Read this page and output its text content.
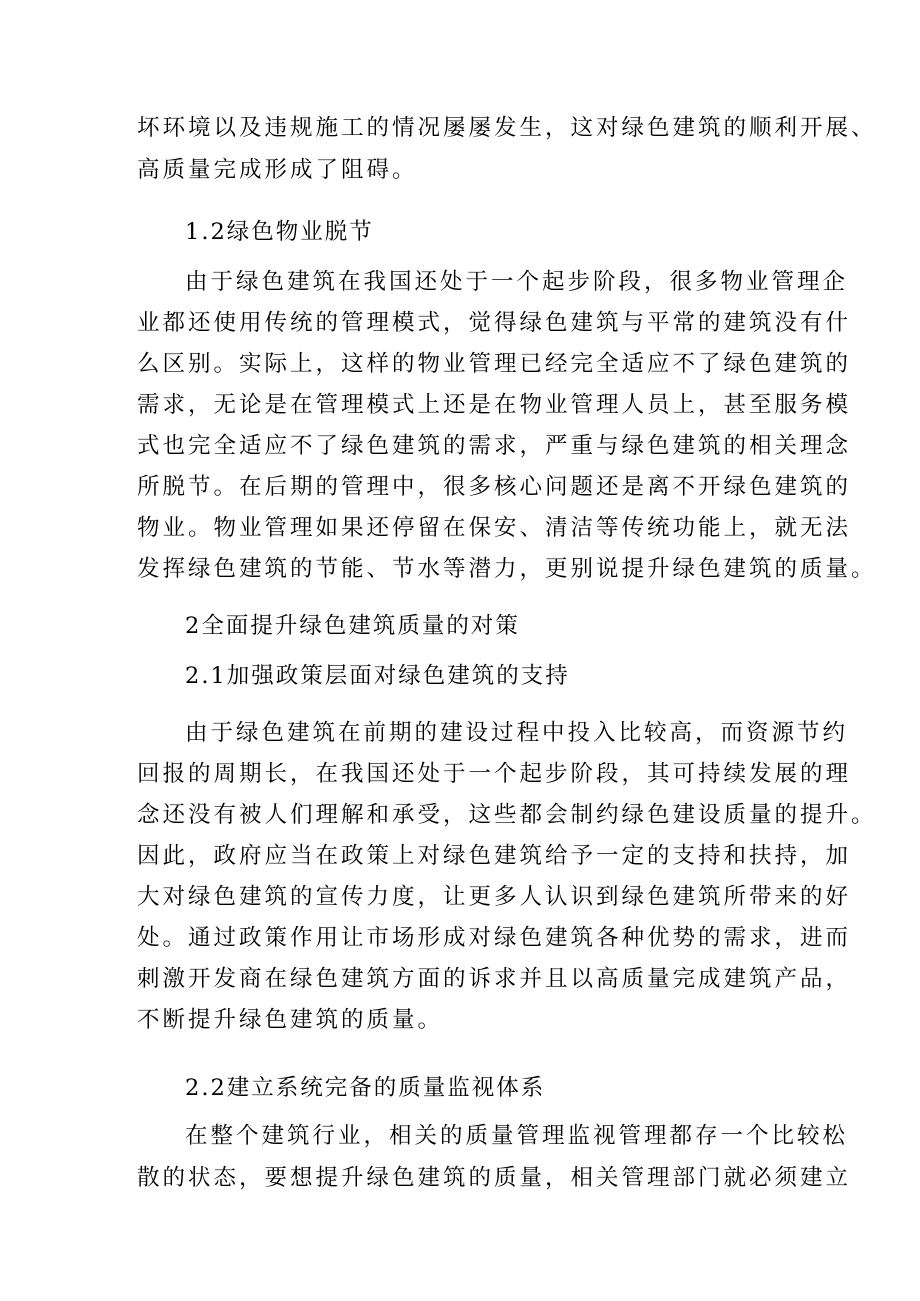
坏环境以及违规施工的情况屡屡发生，这对绿色建筑的顺利开展、

高质量完成形成了阻碍。

1.2绿色物业脱节

由于绿色建筑在我国还处于一个起步阶段，很多物业管理企

业都还使用传统的管理模式，觉得绿色建筑与平常的建筑没有什

么区别。实际上，这样的物业管理已经完全适应不了绿色建筑的

需求，无论是在管理模式上还是在物业管理人员上，甚至服务模

式也完全适应不了绿色建筑的需求，严重与绿色建筑的相关理念

所脱节。在后期的管理中，很多核心问题还是离不开绿色建筑的

物业。物业管理如果还停留在保安、清洁等传统功能上，就无法

发挥绿色建筑的节能、节水等潜力，更别说提升绿色建筑的质量。

2全面提升绿色建筑质量的对策

2.1加强政策层面对绿色建筑的支持

由于绿色建筑在前期的建设过程中投入比较高，而资源节约

回报的周期长，在我国还处于一个起步阶段，其可持续发展的理

念还没有被人们理解和承受，这些都会制约绿色建设质量的提升。

因此，政府应当在政策上对绿色建筑给予一定的支持和扶持，加

大对绿色建筑的宣传力度，让更多人认识到绿色建筑所带来的好

处。通过政策作用让市场形成对绿色建筑各种优势的需求，进而

刺激开发商在绿色建筑方面的诉求并且以高质量完成建筑产品，

不断提升绿色建筑的质量。

2.2建立系统完备的质量监视体系

在整个建筑行业，相关的质量管理监视管理都存一个比较松

散的状态，要想提升绿色建筑的质量，相关管理部门就必须建立
